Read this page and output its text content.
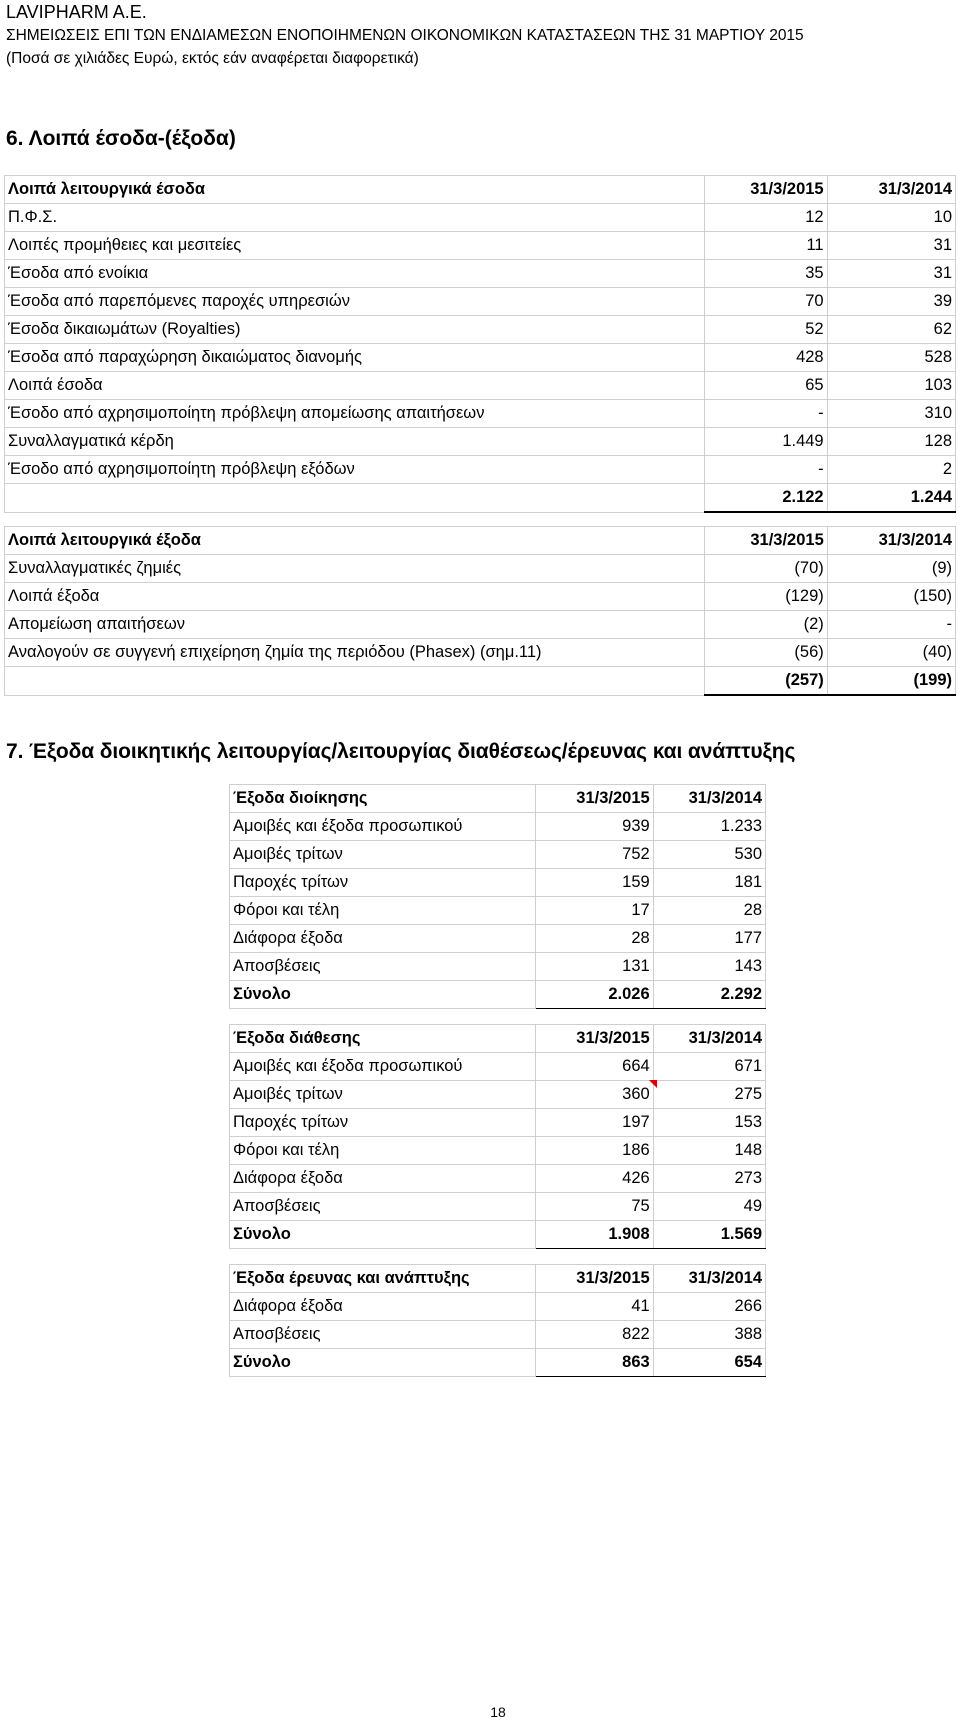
LAVIPHARM A.E.
ΣΗΜΕΙΩΣΕΙΣ ΕΠΙ ΤΩΝ ΕΝΔΙΑΜΕΣΩΝ ΕΝΟΠΟΙΗΜΕΝΩΝ ΟΙΚΟΝΟΜΙΚΩΝ ΚΑΤΑΣΤΑΣΕΩΝ ΤΗΣ 31 ΜΑΡΤΙΟΥ 2015
(Ποσά σε χιλιάδες Ευρώ, εκτός εάν αναφέρεται διαφορετικά)
6. Λοιπά έσοδα-(έξοδα)
Λοιπά λειτουργικά έσοδα	31/3/2015	31/3/2014
Π.Φ.Σ.	12	10
Λοιπές προμήθειες και μεσιτείες	11	31
Έσοδα από ενοίκια	35	31
Έσοδα από παρεπόμενες παροχές υπηρεσιών	70	39
Έσοδα δικαιωμάτων (Royalties)	52	62
Έσοδα από παραχώρηση δικαιώματος διανομής	428	528
Λοιπά έσοδα	65	103
Έσοδο από αχρησιμοποίητη πρόβλεψη απομείωσης απαιτήσεων	-	310
Συναλλαγματικά κέρδη	1.449	128
Έσοδο από αχρησιμοποίητη πρόβλεψη εξόδων	-	2
	2.122	1.244
Λοιπά λειτουργικά έξοδα	31/3/2015	31/3/2014
Συναλλαγματικές ζημιές	(70)	(9)
Λοιπά έξοδα	(129)	(150)
Απομείωση απαιτήσεων	(2)	-
Αναλογούν σε συγγενή επιχείρηση ζημία της περιόδου (Phasex) (σημ.11)	(56)	(40)
	(257)	(199)
7. Έξοδα διοικητικής λειτουργίας/λειτουργίας διαθέσεως/έρευνας και ανάπτυξης
Έξοδα διοίκησης	31/3/2015	31/3/2014
Αμοιβές και έξοδα προσωπικού	939	1.233
Αμοιβές τρίτων	752	530
Παροχές τρίτων	159	181
Φόροι και τέλη	17	28
Διάφορα έξοδα	28	177
Αποσβέσεις	131	143
Σύνολο	2.026	2.292
Έξοδα διάθεσης	31/3/2015	31/3/2014
Αμοιβές και έξοδα προσωπικού	664	671
Αμοιβές τρίτων	360	275
Παροχές τρίτων	197	153
Φόροι και τέλη	186	148
Διάφορα έξοδα	426	273
Αποσβέσεις	75	49
Σύνολο	1.908	1.569
Έξοδα έρευνας και ανάπτυξης	31/3/2015	31/3/2014
Διάφορα έξοδα	41	266
Αποσβέσεις	822	388
Σύνολο	863	654
18
